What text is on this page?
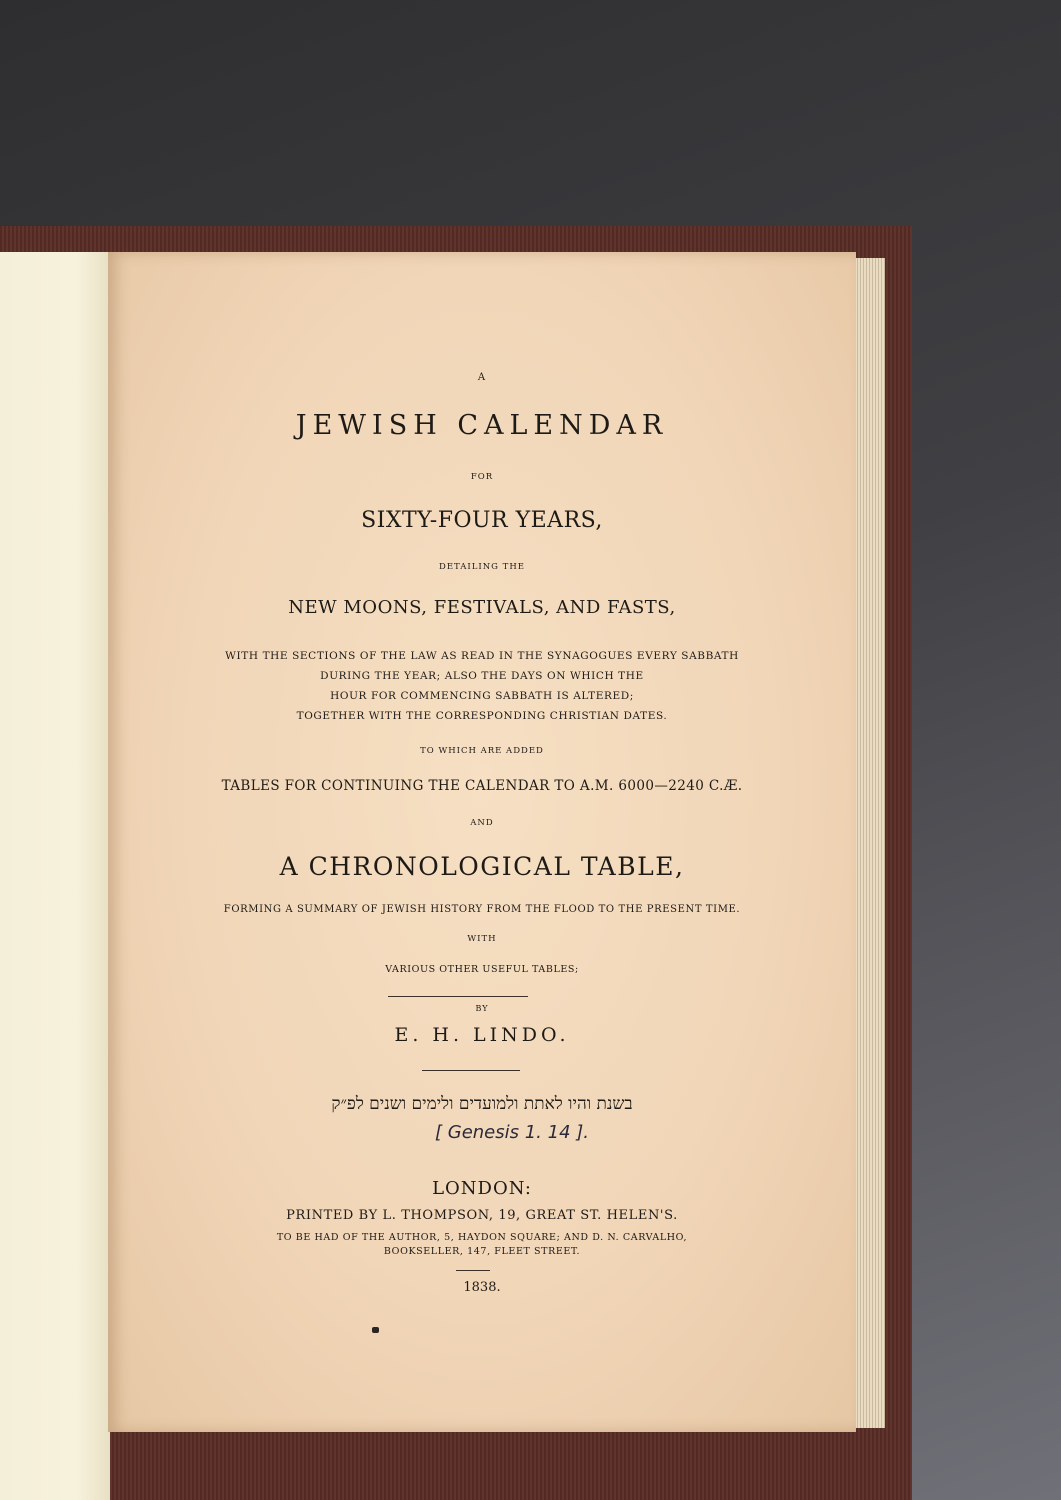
A
JEWISH CALENDAR
FOR
SIXTY-FOUR YEARS,
DETAILING THE
NEW MOONS, FESTIVALS, AND FASTS,
WITH THE SECTIONS OF THE LAW AS READ IN THE SYNAGOGUES EVERY SABBATH
DURING THE YEAR; ALSO THE DAYS ON WHICH THE
HOUR FOR COMMENCING SABBATH IS ALTERED;
TOGETHER WITH THE CORRESPONDING CHRISTIAN DATES.
TO WHICH ARE ADDED
TABLES FOR CONTINUING THE CALENDAR TO A.M. 6000—2240 C.Æ.
AND
A CHRONOLOGICAL TABLE,
FORMING A SUMMARY OF JEWISH HISTORY FROM THE FLOOD TO THE PRESENT TIME.
WITH
VARIOUS OTHER USEFUL TABLES;
BY
E. H. LINDO.
בשנת והיו לאתת ולמועדים ולימים ושנים לפ״ק
[ Genesis 1. 14 ].
LONDON:
PRINTED BY L. THOMPSON, 19, GREAT ST. HELEN'S.
TO BE HAD OF THE AUTHOR, 5, HAYDON SQUARE; AND D. N. CARVALHO,
BOOKSELLER, 147, FLEET STREET.
1838.
